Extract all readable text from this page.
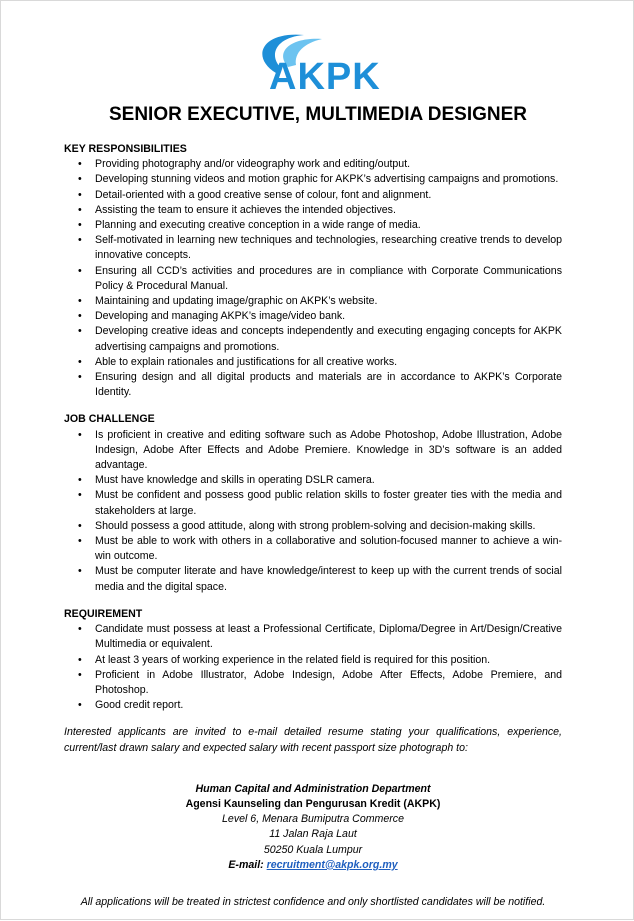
AKPK
SENIOR EXECUTIVE, MULTIMEDIA DESIGNER

KEY RESPONSIBILITIES

• Providing photography and/or videography work and editing/output.
• Developing stunning videos and motion graphic for AKPK’s advertising campaigns and promotions.
• Detail-oriented with a good creative sense of colour, font and alignment.
• Assisting the team to ensure it achieves the intended objectives.
• Planning and executing creative conception in a wide range of media.
• Self-motivated in learning new techniques and technologies, researching creative trends to develop innovative concepts.
• Ensuring all CCD’s activities and procedures are in compliance with Corporate Communications Policy & Procedural Manual.
• Maintaining and updating image/graphic on AKPK’s website.
• Developing and managing AKPK’s image/video bank.
• Developing creative ideas and concepts independently and executing engaging concepts for AKPK advertising campaigns and promotions.
• Able to explain rationales and justifications for all creative works.
• Ensuring design and all digital products and materials are in accordance to AKPK’s Corporate Identity.

JOB CHALLENGE

• Is proficient in creative and editing software such as Adobe Photoshop, Adobe Illustration, Adobe Indesign, Adobe After Effects and Adobe Premiere. Knowledge in 3D’s software is an added advantage.
• Must have knowledge and skills in operating DSLR camera.
• Must be confident and possess good public relation skills to foster greater ties with the media and stakeholders at large.
• Should possess a good attitude, along with strong problem-solving and decision-making skills.
• Must be able to work with others in a collaborative and solution-focused manner to achieve a win-win outcome.
• Must be computer literate and have knowledge/interest to keep up with the current trends of social media and the digital space.

REQUIREMENT

• Candidate must possess at least a Professional Certificate, Diploma/Degree in Art/Design/Creative Multimedia or equivalent.
• At least 3 years of working experience in the related field is required for this position.
• Proficient in Adobe Illustrator, Adobe Indesign, Adobe After Effects, Adobe Premiere, and Photoshop.
• Good credit report.

Interested applicants are invited to e-mail detailed resume stating your qualifications, experience, current/last drawn salary and expected salary with recent passport size photograph to:

Human Capital and Administration Department
Agensi Kaunseling dan Pengurusan Kredit (AKPK)
Level 6, Menara Bumiputra Commerce
11 Jalan Raja Laut
50250 Kuala Lumpur
E-mail: recruitment@akpk.org.my

All applications will be treated in strictest confidence and only shortlisted candidates will be notified.
